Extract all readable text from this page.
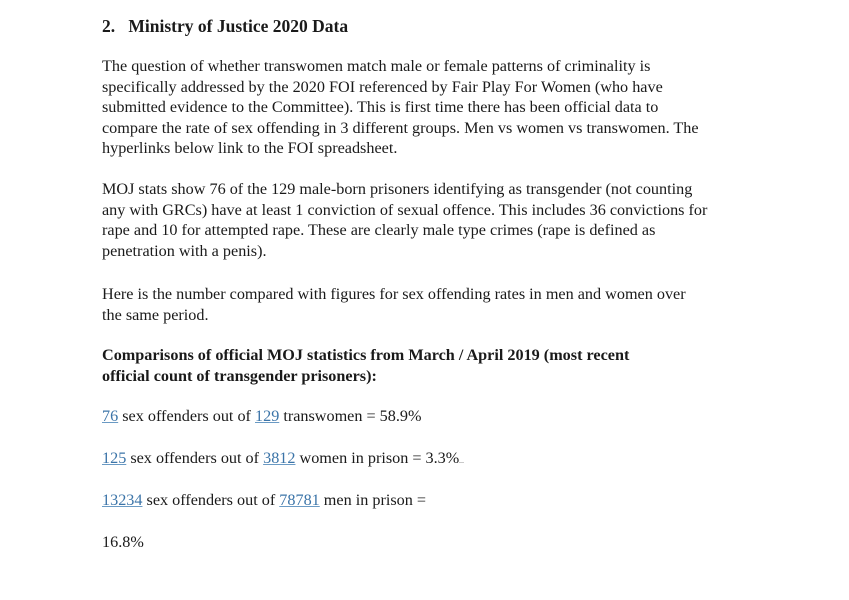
2. Ministry of Justice 2020 Data
The question of whether transwomen match male or female patterns of criminality is
specifically addressed by the 2020 FOI referenced by Fair Play For Women (who have
submitted evidence to the Committee). This is first time there has been official data to
compare the rate of sex offending in 3 different groups. Men vs women vs transwomen. The
hyperlinks below link to the FOI spreadsheet.
MOJ stats show 76 of the 129 male-born prisoners identifying as transgender (not counting
any with GRCs) have at least 1 conviction of sexual offence. This includes 36 convictions for
rape and 10 for attempted rape. These are clearly male type crimes (rape is defined as
penetration with a penis).
Here is the number compared with figures for sex offending rates in men and women over
the same period.
Comparisons of official MOJ statistics from March / April 2019 (most recent
official count of transgender prisoners):
76 sex offenders out of 129 transwomen = 58.9%
125 sex offenders out of 3812 women in prison = 3.3%
13234 sex offenders out of 78781 men in prison =
16.8%
